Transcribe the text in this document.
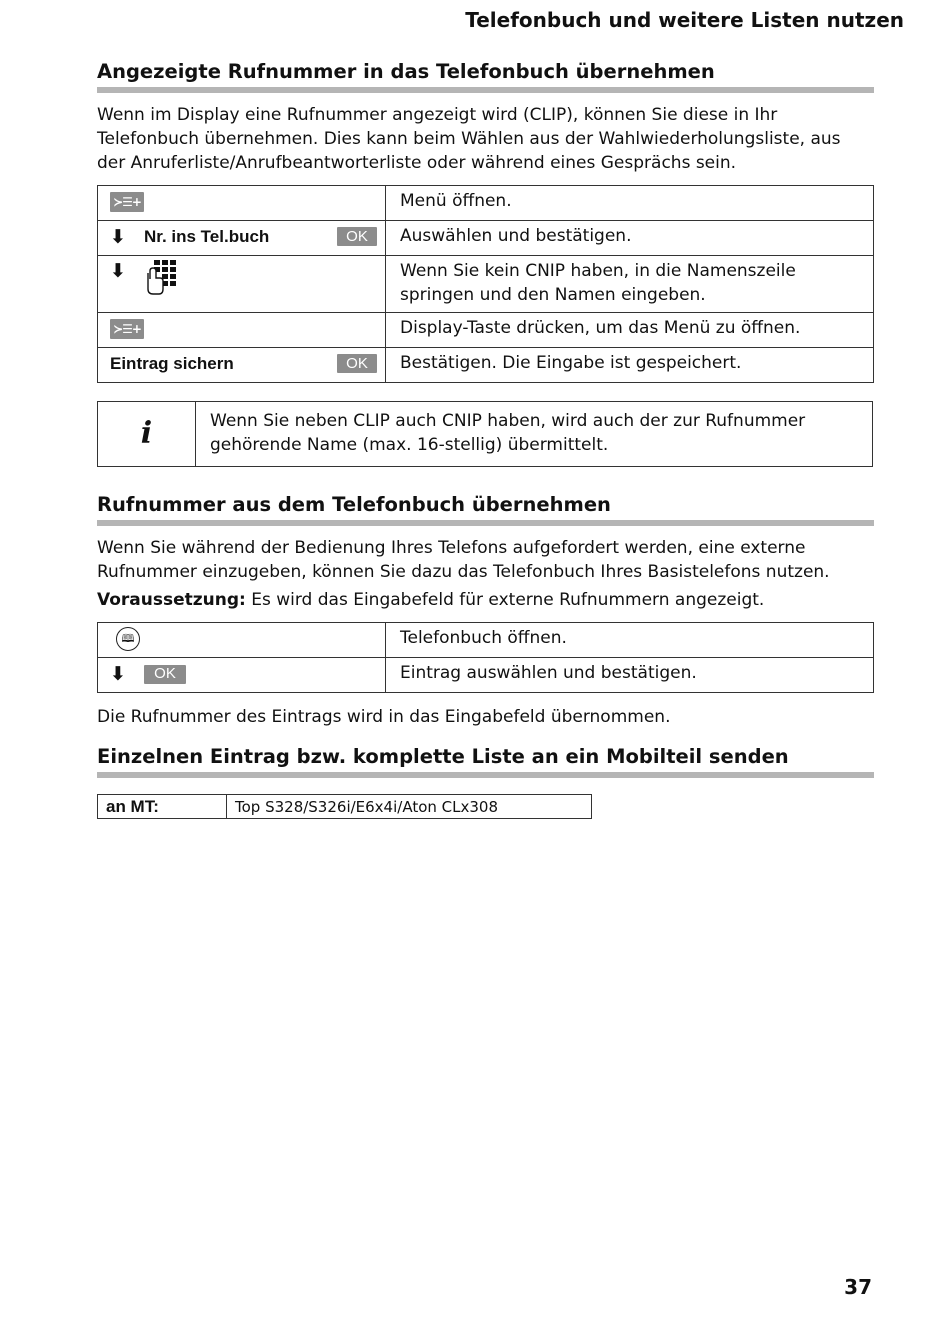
Telefonbuch und weitere Listen nutzen
Angezeigte Rufnummer in das Telefonbuch übernehmen

Wenn im Display eine Rufnummer angezeigt wird (CLIP), können Sie diese in Ihr Telefonbuch übernehmen. Dies kann beim Wählen aus der Wahlwiederholungsliste, aus der Anruferliste/Anrufbeantworterliste oder während eines Gesprächs sein.

≻☰+	Menü öffnen.

⬇ Nr. ins Tel.buch OK	Auswählen und bestätigen.

⬇	Wenn Sie kein CNIP haben, in die Namenszeile springen und den Namen eingeben.

≻☰+	Display-Taste drücken, um das Menü zu öffnen.

Eintrag sichern OK	Bestätigen. Die Eingabe ist gespeichert.
i	Wenn Sie neben CLIP auch CNIP haben, wird auch der zur Rufnummer gehörende Name (max. 16-stellig) übermittelt.
Rufnummer aus dem Telefonbuch übernehmen

Wenn Sie während der Bedienung Ihres Telefons aufgefordert werden, eine externe Rufnummer einzugeben, können Sie dazu das Telefonbuch Ihres Basistelefons nutzen.

Voraussetzung: Es wird das Eingabefeld für externe Rufnummern angezeigt.

🕮	Telefonbuch öffnen.

⬇ OK	Eintrag auswählen und bestätigen.

Die Rufnummer des Eintrags wird in das Eingabefeld übernommen.

Einzelnen Eintrag bzw. komplette Liste an ein Mobilteil senden
an MT:	Top S328/S326i/E6x4i/Aton CLx308
37
